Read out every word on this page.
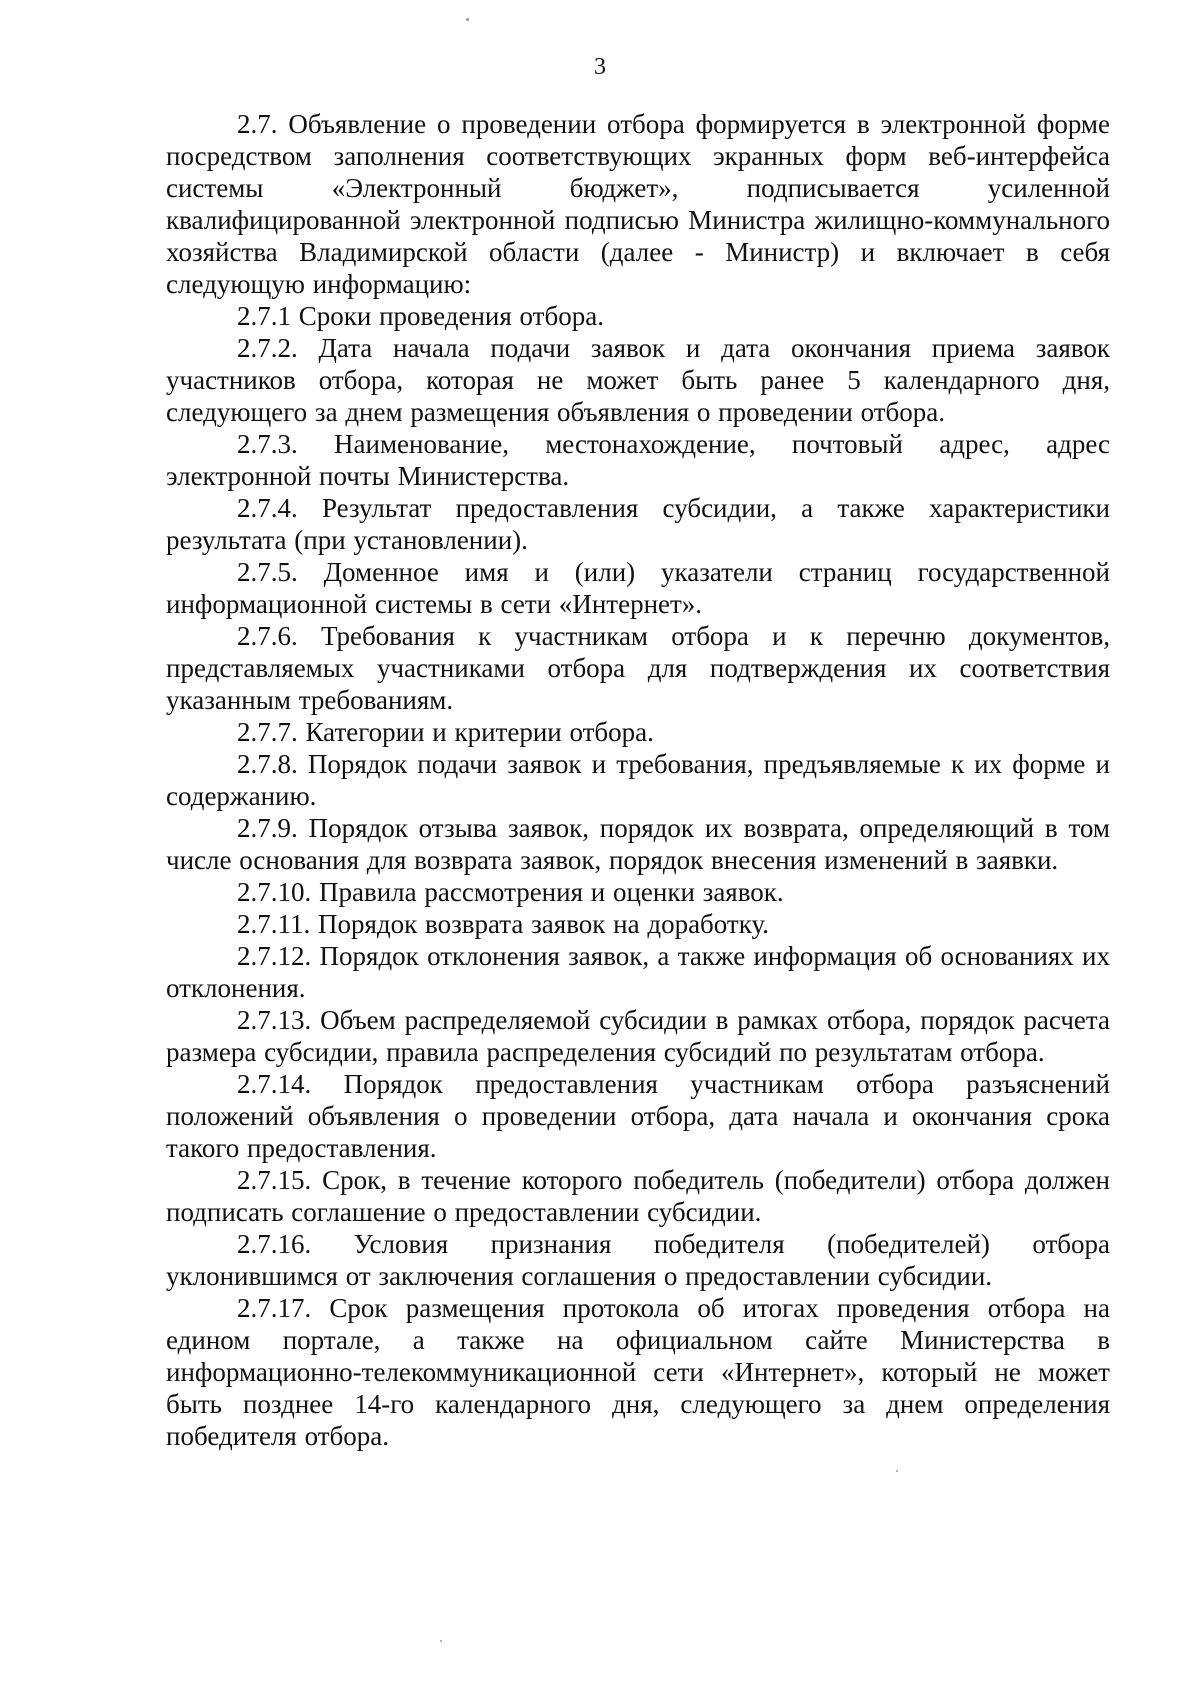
3

2.7. Объявление о проведении отбора формируется в электронной форме посредством заполнения соответствующих экранных форм веб-интерфейса системы «Электронный бюджет», подписывается усиленной квалифицированной электронной подписью Министра жилищно-коммунального хозяйства Владимирской области (далее - Министр) и включает в себя следующую информацию:

2.7.1 Сроки проведения отбора.

2.7.2. Дата начала подачи заявок и дата окончания приема заявок участников отбора, которая не может быть ранее 5 календарного дня, следующего за днем размещения объявления о проведении отбора.

2.7.3. Наименование, местонахождение, почтовый адрес, адрес электронной почты Министерства.

2.7.4. Результат предоставления субсидии, а также характеристики результата (при установлении).

2.7.5. Доменное имя и (или) указатели страниц государственной информационной системы в сети «Интернет».

2.7.6. Требования к участникам отбора и к перечню документов, представляемых участниками отбора для подтверждения их соответствия указанным требованиям.

2.7.7. Категории и критерии отбора.

2.7.8. Порядок подачи заявок и требования, предъявляемые к их форме и содержанию.

2.7.9. Порядок отзыва заявок, порядок их возврата, определяющий в том числе основания для возврата заявок, порядок внесения изменений в заявки.

2.7.10. Правила рассмотрения и оценки заявок.

2.7.11. Порядок возврата заявок на доработку.

2.7.12. Порядок отклонения заявок, а также информация об основаниях их отклонения.

2.7.13. Объем распределяемой субсидии в рамках отбора, порядок расчета размера субсидии, правила распределения субсидий по результатам отбора.

2.7.14. Порядок предоставления участникам отбора разъяснений положений объявления о проведении отбора, дата начала и окончания срока такого предоставления.

2.7.15. Срок, в течение которого победитель (победители) отбора должен подписать соглашение о предоставлении субсидии.

2.7.16. Условия признания победителя (победителей) отбора уклонившимся от заключения соглашения о предоставлении субсидии.

2.7.17. Срок размещения протокола об итогах проведения отбора на едином портале, а также на официальном сайте Министерства в информационно-телекоммуникационной сети «Интернет», который не может быть позднее 14-го календарного дня, следующего за днем определения победителя отбора.
